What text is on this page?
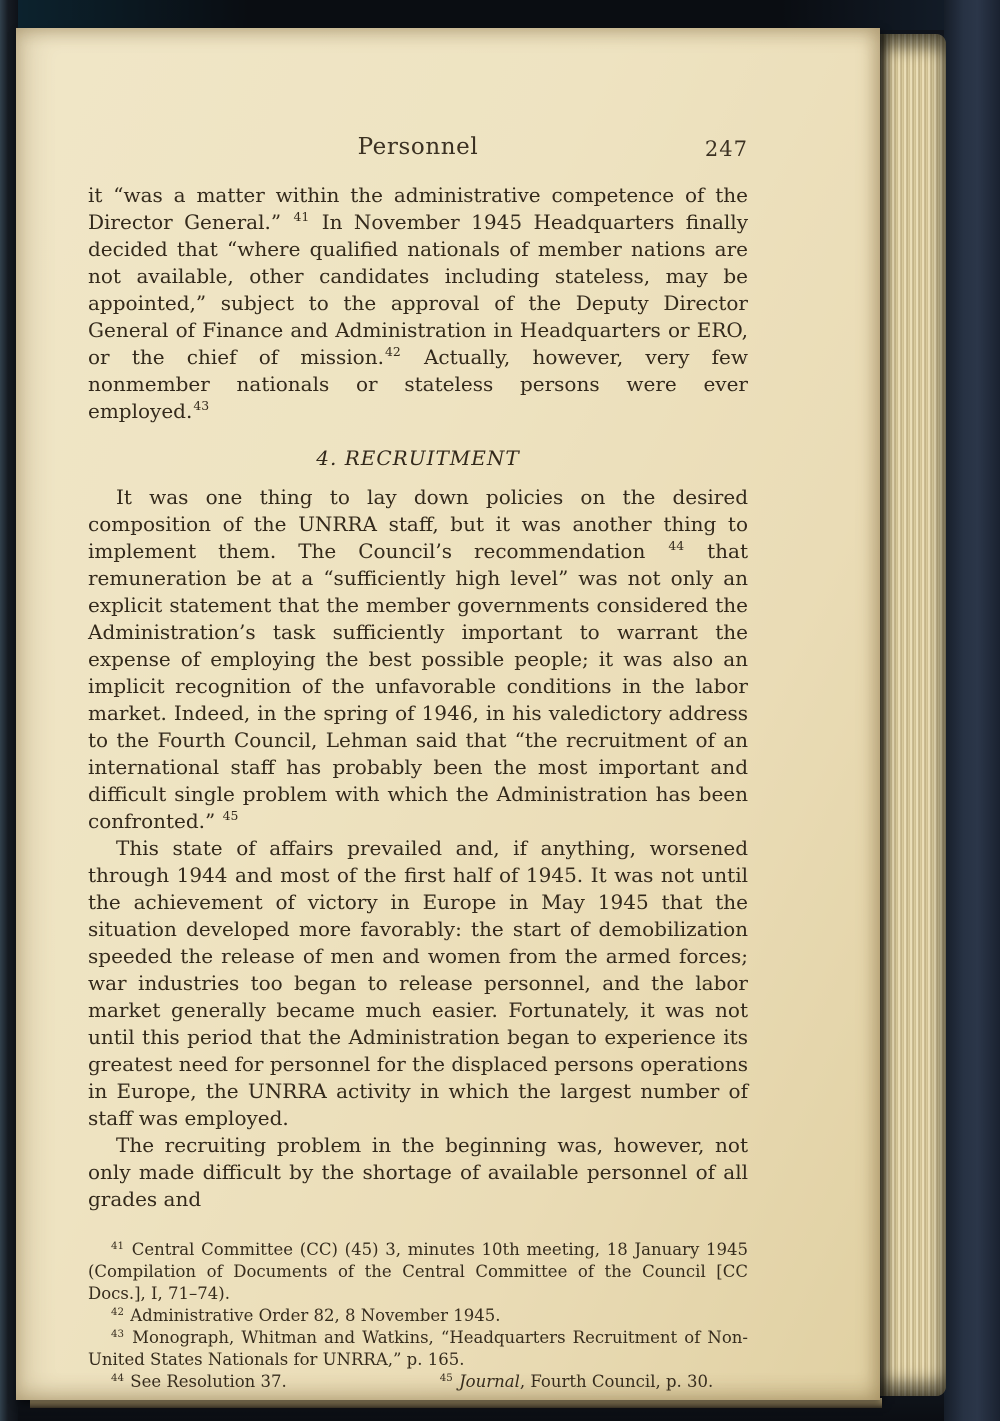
Personnel	247

it “was a matter within the administrative competence of the Director General.” $^{41}$ In November 1945 Headquarters finally decided that “where qualified nationals of member nations are not available, other candidates including stateless, may be appointed,” subject to the approval of the Deputy Director General of Finance and Administration in Headquarters or ERO, or the chief of mission.$^{42}$ Actually, however, very few nonmember nationals or stateless persons were ever employed.$^{43}$

4. RECRUITMENT

It was one thing to lay down policies on the desired composition of the UNRRA staff, but it was another thing to implement them. The Council’s recommendation $^{44}$ that remuneration be at a “sufficiently high level” was not only an explicit statement that the member governments considered the Administration’s task sufficiently important to warrant the expense of employing the best possible people; it was also an implicit recognition of the unfavorable conditions in the labor market. Indeed, in the spring of 1946, in his valedictory address to the Fourth Council, Lehman said that “the recruitment of an international staff has probably been the most important and difficult single problem with which the Administration has been confronted.” $^{45}$

This state of affairs prevailed and, if anything, worsened through 1944 and most of the first half of 1945. It was not until the achievement of victory in Europe in May 1945 that the situation developed more favorably: the start of demobilization speeded the release of men and women from the armed forces; war industries too began to release personnel, and the labor market generally became much easier. Fortunately, it was not until this period that the Administration began to experience its greatest need for personnel for the displaced persons operations in Europe, the UNRRA activity in which the largest number of staff was employed.

The recruiting problem in the beginning was, however, not only made difficult by the shortage of available personnel of all grades and

$^{41}$ Central Committee (CC) (45) 3, minutes 10th meeting, 18 January 1945 (Compilation of Documents of the Central Committee of the Council [CC Docs.], I, 71–74).

$^{42}$ Administrative Order 82, 8 November 1945.

$^{43}$ Monograph, Whitman and Watkins, “Headquarters Recruitment of Non-United States Nationals for UNRRA,” p. 165.

$^{44}$ See Resolution 37.	$^{45}$ Journal, Fourth Council, p. 30.
